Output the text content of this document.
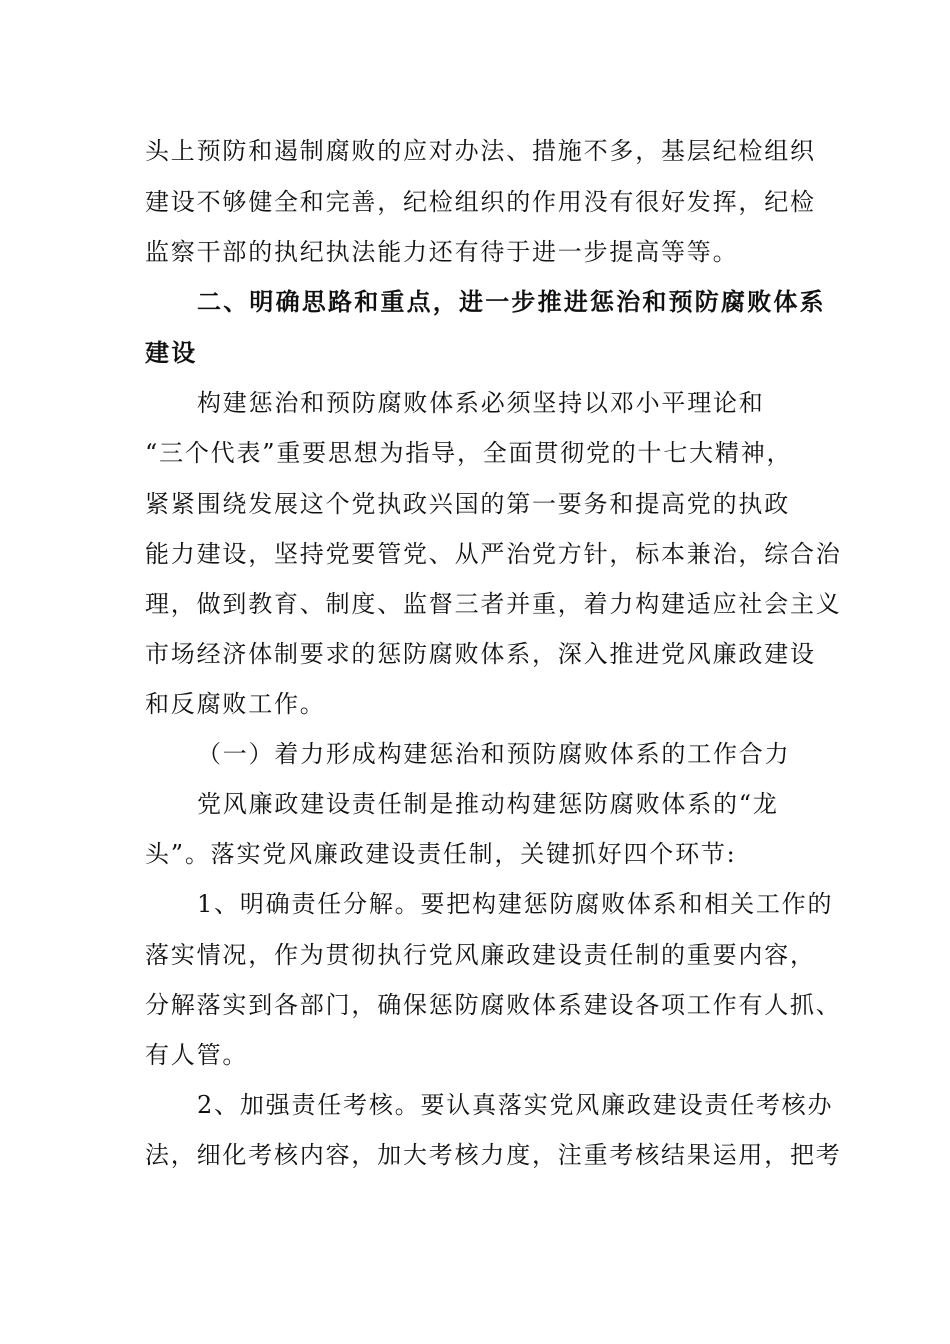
头上预防和遏制腐败的应对办法、措施不多，基层纪检组织
建设不够健全和完善，纪检组织的作用没有很好发挥，纪检
监察干部的执纪执法能力还有待于进一步提高等等。
二、明确思路和重点，进一步推进惩治和预防腐败体系
建设
构建惩治和预防腐败体系必须坚持以邓小平理论和
“三个代表”重要思想为指导，全面贯彻党的十七大精神，
紧紧围绕发展这个党执政兴国的第一要务和提高党的执政
能力建设，坚持党要管党、从严治党方针，标本兼治，综合治
理，做到教育、制度、监督三者并重，着力构建适应社会主义
市场经济体制要求的惩防腐败体系，深入推进党风廉政建设
和反腐败工作。
（一）着力形成构建惩治和预防腐败体系的工作合力
党风廉政建设责任制是推动构建惩防腐败体系的“龙
头”。落实党风廉政建设责任制，关键抓好四个环节:
1、明确责任分解。要把构建惩防腐败体系和相关工作的
落实情况，作为贯彻执行党风廉政建设责任制的重要内容，
分解落实到各部门，确保惩防腐败体系建设各项工作有人抓、
有人管。
2、加强责任考核。要认真落实党风廉政建设责任考核办
法，细化考核内容，加大考核力度，注重考核结果运用，把考
